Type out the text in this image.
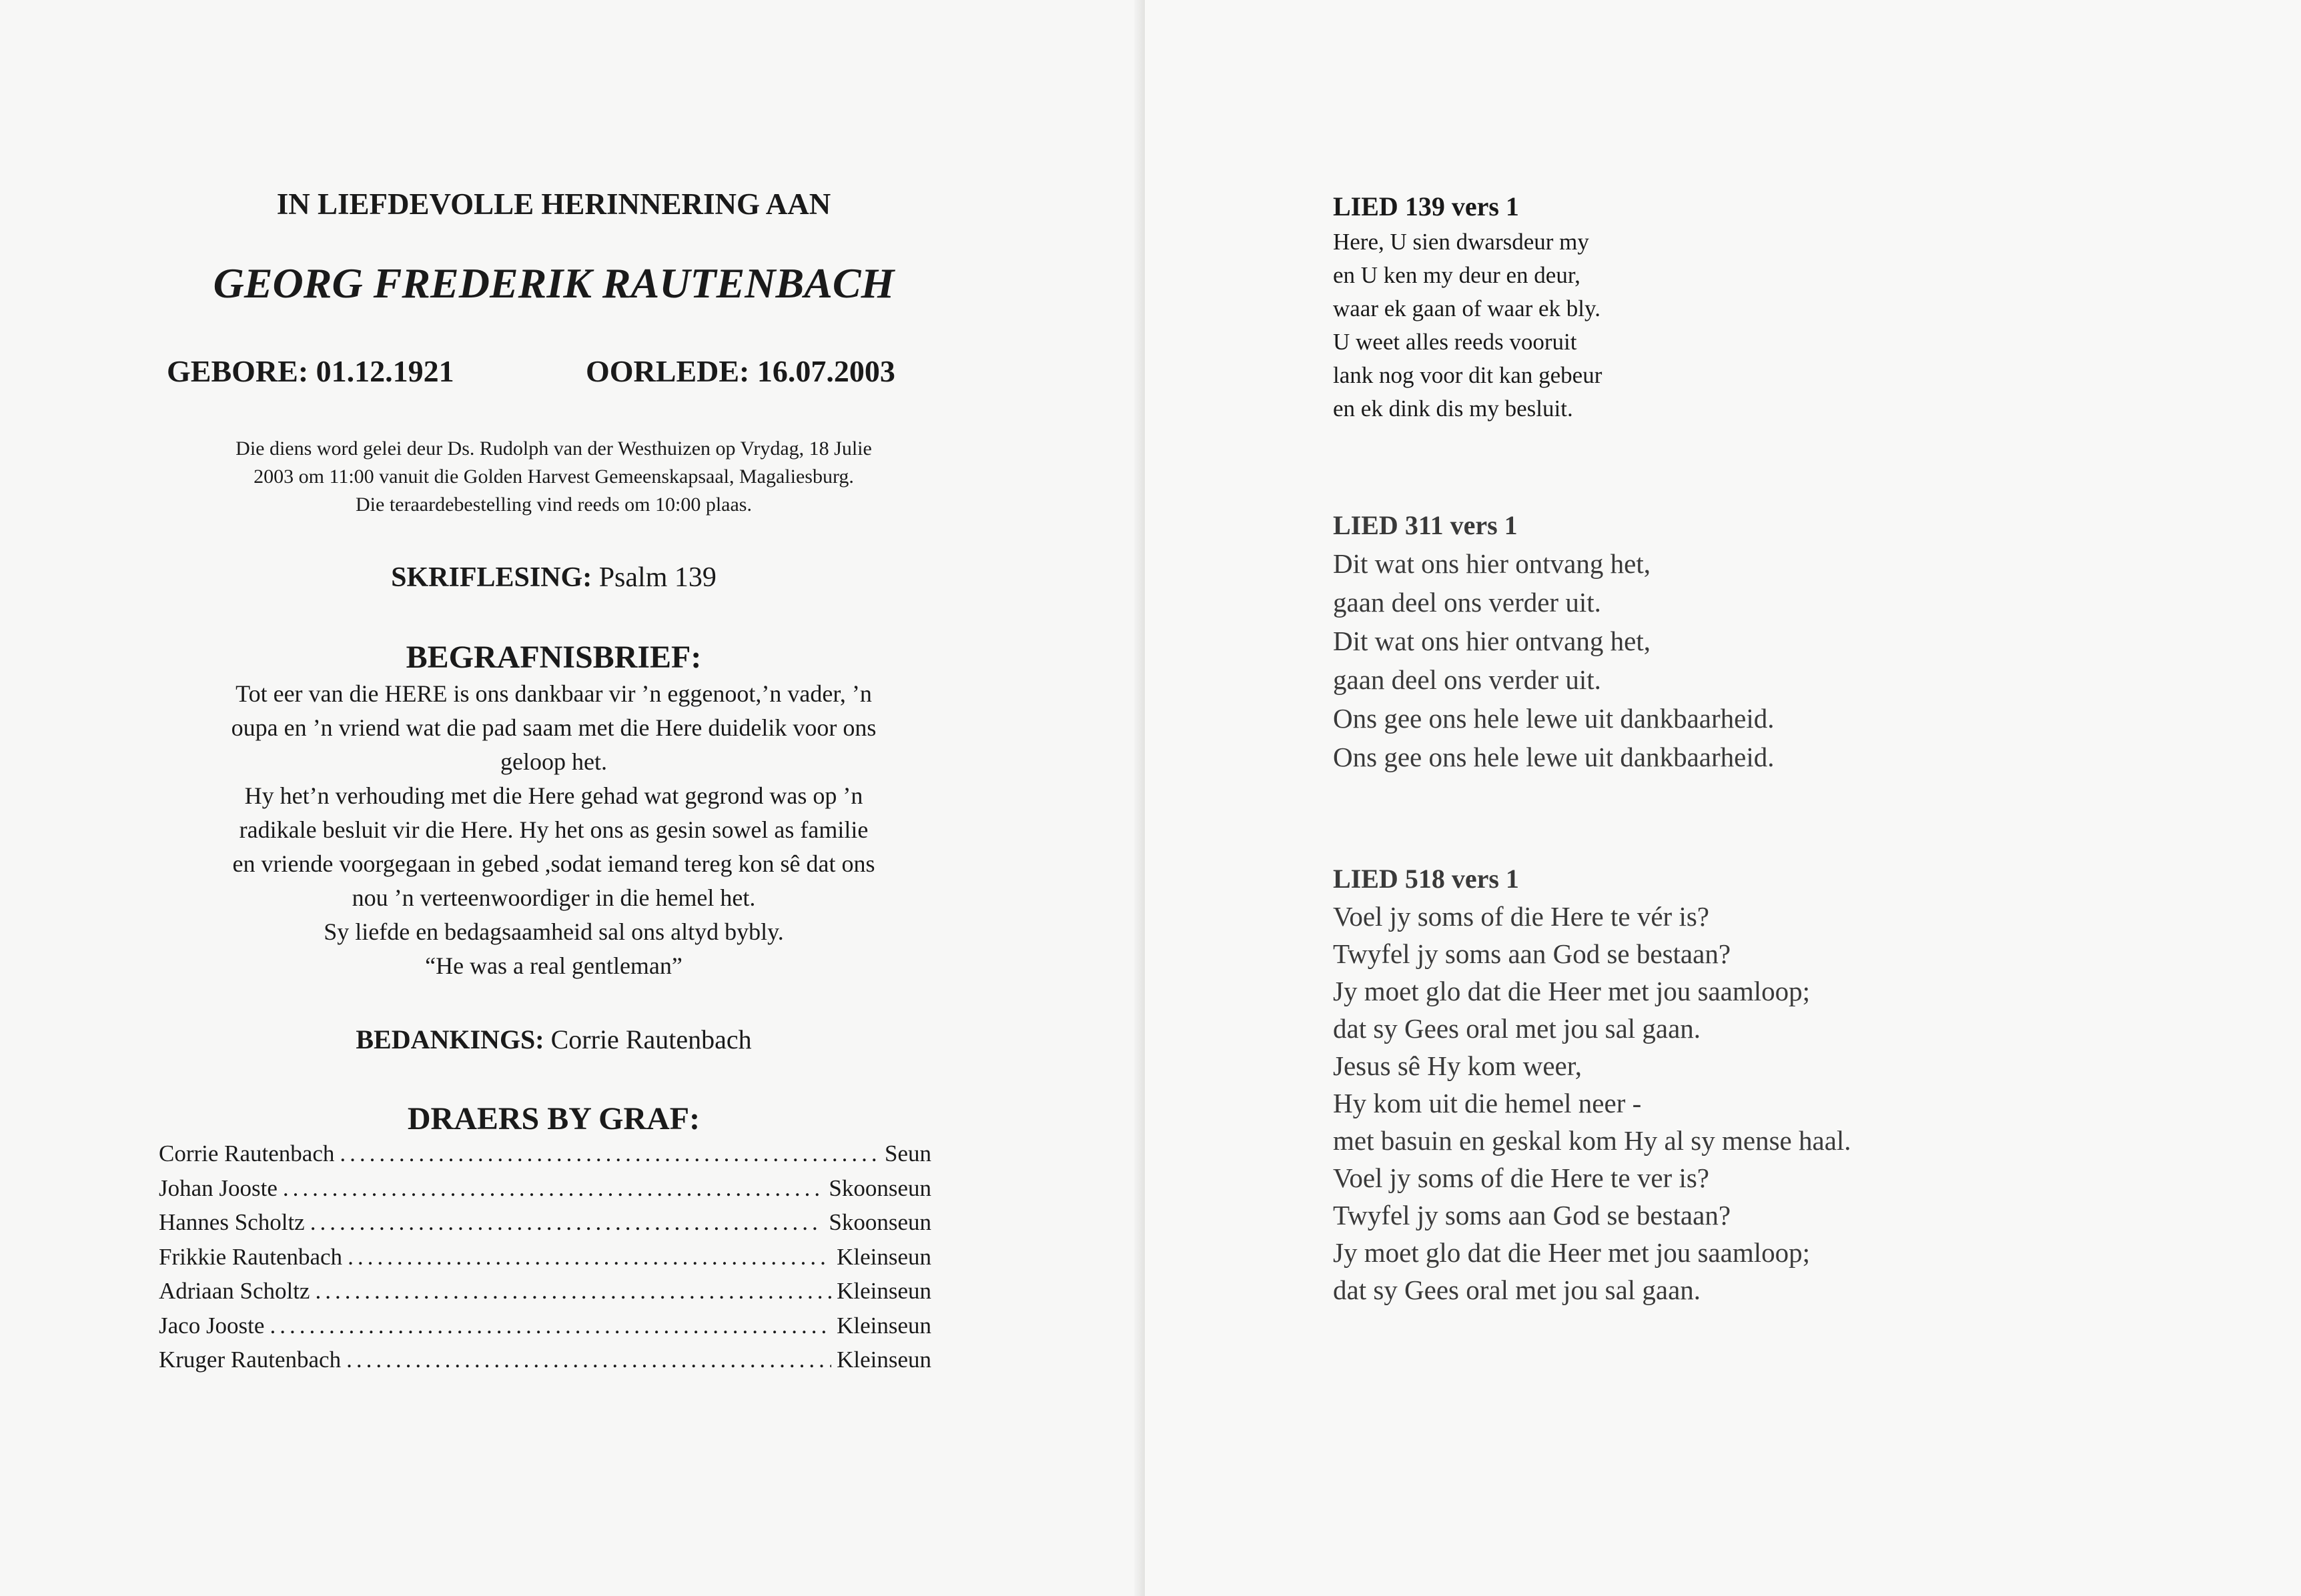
IN LIEFDEVOLLE HERINNERING AAN
GEORG FREDERIK RAUTENBACH
GEBORE: 01.12.1921	OORLEDE: 16.07.2003
Die diens word gelei deur Ds. Rudolph van der Westhuizen op Vrydag, 18 Julie
2003 om 11:00 vanuit die Golden Harvest Gemeenskapsaal, Magaliesburg.
Die teraardebestelling vind reeds om 10:00 plaas.
SKRIFLESING: Psalm 139
BEGRAFNISBRIEF:
Tot eer van die HERE is ons dankbaar vir ’n eggenoot,’n vader, ’n
oupa en ’n vriend wat die pad saam met die Here duidelik voor ons
geloop het.
Hy het’n verhouding met die Here gehad wat gegrond was op ’n
radikale besluit vir die Here. Hy het ons as gesin sowel as familie
en vriende voorgegaan in gebed ,sodat iemand tereg kon sê dat ons
nou ’n verteenwoordiger in die hemel het.
Sy liefde en bedagsaamheid sal ons altyd bybly.
“He was a real gentleman”
BEDANKINGS: Corrie Rautenbach
DRAERS BY GRAF:
Corrie Rautenbach .....	Seun
Johan Jooste .....	Skoonseun
Hannes Scholtz .....	Skoonseun
Frikkie Rautenbach .....	Kleinseun
Adriaan Scholtz .....	Kleinseun
Jaco Jooste .....	Kleinseun
Kruger Rautenbach .....	Kleinseun
LIED 139 vers 1
Here, U sien dwarsdeur my
en U ken my deur en deur,
waar ek gaan of waar ek bly.
U weet alles reeds vooruit
lank nog voor dit kan gebeur
en ek dink dis my besluit.
LIED 311 vers 1
Dit wat ons hier ontvang het,
gaan deel ons verder uit.
Dit wat ons hier ontvang het,
gaan deel ons verder uit.
Ons gee ons hele lewe uit dankbaarheid.
Ons gee ons hele lewe uit dankbaarheid.
LIED 518 vers 1
Voel jy soms of die Here te vér is?
Twyfel jy soms aan God se bestaan?
Jy moet glo dat die Heer met jou saamloop;
dat sy Gees oral met jou sal gaan.
Jesus sê Hy kom weer,
Hy kom uit die hemel neer -
met basuin en geskal kom Hy al sy mense haal.
Voel jy soms of die Here te ver is?
Twyfel jy soms aan God se bestaan?
Jy moet glo dat die Heer met jou saamloop;
dat sy Gees oral met jou sal gaan.
